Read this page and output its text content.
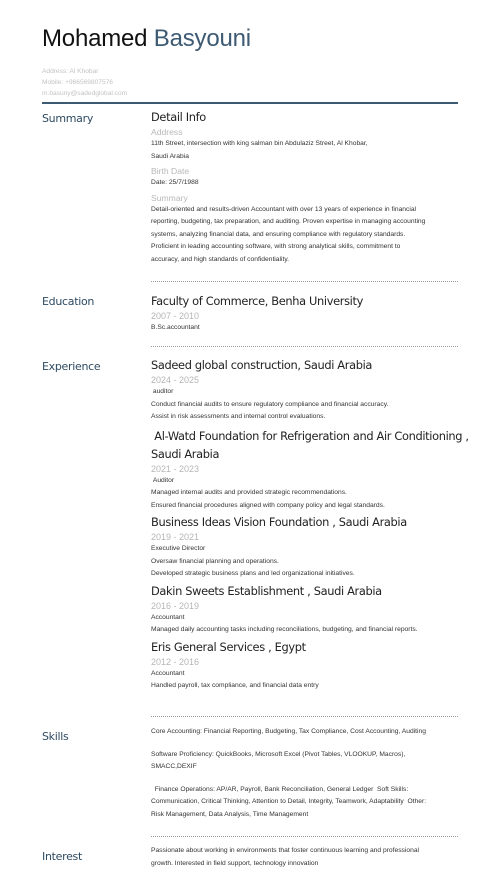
Mohamed Basyouni
Address: Al Khobar
Mobile: +966569807576
m.basuny@sadedglobal.com
Summary	Detail Info
Address
11th Street, intersection with king salman bin Abdulaziz Street, Al Khobar,
Saudi Arabia
Birth Date
Date: 25/7/1988
Summary
Detail-oriented and results-driven Accountant with over 13 years of experience in financial
reporting, budgeting, tax preparation, and auditing. Proven expertise in managing accounting
systems, analyzing financial data, and ensuring compliance with regulatory standards.
Proficient in leading accounting software, with strong analytical skills, commitment to
accuracy, and high standards of confidentiality.
Education	Faculty of Commerce, Benha University
2007 - 2010
B.Sc.accountant
Experience	Sadeed global construction, Saudi Arabia
2024 - 2025
auditor
Conduct financial audits to ensure regulatory compliance and financial accuracy.
Assist in risk assessments and internal control evaluations.
Al-Watd Foundation for Refrigeration and Air Conditioning ,
Saudi Arabia
2021 - 2023
Auditor
Managed internal audits and provided strategic recommendations.
Ensured financial procedures aligned with company policy and legal standards.
Business Ideas Vision Foundation , Saudi Arabia
2019 - 2021
Executive Director
Oversaw financial planning and operations.
Developed strategic business plans and led organizational initiatives.
Dakin Sweets Establishment , Saudi Arabia
2016 - 2019
Accountant
Managed daily accounting tasks including reconciliations, budgeting, and financial reports.
Eris General Services , Egypt
2012 - 2016
Accountant
Handled payroll, tax compliance, and financial data entry
Skills	Core Accounting: Financial Reporting, Budgeting, Tax Compliance, Cost Accounting, Auditing
Software Proficiency: QuickBooks, Microsoft Excel (Pivot Tables, VLOOKUP, Macros),
SMACC,DEXIF
Finance Operations: AP/AR, Payroll, Bank Reconciliation, General Ledger  Soft Skills:
Communication, Critical Thinking, Attention to Detail, Integrity, Teamwork, Adaptability  Other:
Risk Management, Data Analysis, Time Management
Interest	Passionate about working in environments that foster continuous learning and professional
growth. Interested in field support, technology innovation
